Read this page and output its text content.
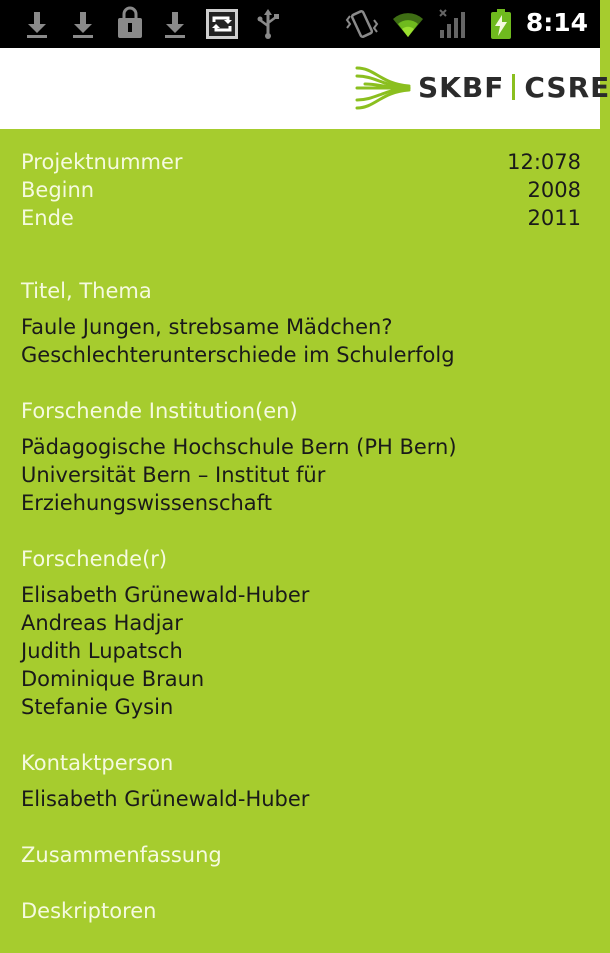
8:14
SKBF CSRE
Projektnummer	12:078
Beginn	2008
Ende	2011
Titel, Thema
Faule Jungen, strebsame Mädchen?
Geschlechterunterschiede im Schulerfolg
Forschende Institution(en)
Pädagogische Hochschule Bern (PH Bern)
Universität Bern – Institut für
Erziehungswissenschaft
Forschende(r)
Elisabeth Grünewald-Huber
Andreas Hadjar
Judith Lupatsch
Dominique Braun
Stefanie Gysin
Kontaktperson
Elisabeth Grünewald-Huber
Zusammenfassung
Deskriptoren
